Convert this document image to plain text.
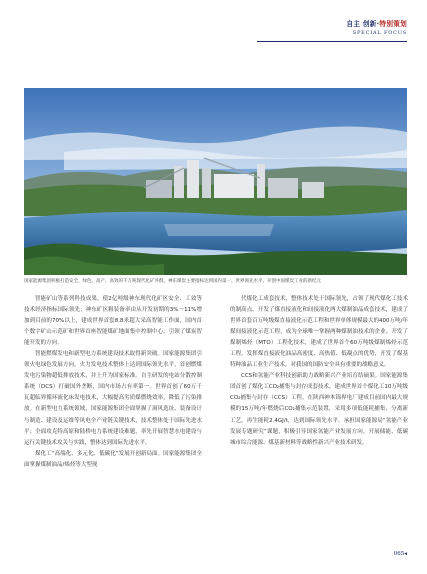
自主 创新·特别策划
SPECIAL FOCUS
国家能源集团积极打造安全、绿色、高产、高效的千万吨现代化矿井群，神东煤炭主要指标达到国内第一、世界领先水平，开创中国煤炭工业的新纪元

智能矿山等系列科技成果，使2亿吨级神东现代化矿区安全、工效等技术经济指标国际领先；神东矿区粗装备率由从开发初期的3%～11%增加到目前的70%以上，建成世界首套8.8米超大采高智能工作面，国内首个数字矿山示范矿和世界首座智能煤矿地面集中控制中心，引领了煤炭智能开发的方向。

智能燃煤发电和新型电力系统建设技术取得新突破。国家能源集团引领火电绿色发展方向，火力发电技术整体上达到国际领先水平，首创燃煤发电污染物超低排放技术，并上升为国家标准。自主研发的电站分散控制系统（DCS）打破国外垄断，国内市场占有率第一。世界首创了60万千瓦超临界循环流化床发电技术，大幅提高劣质煤燃烧效率，降低了污染排放。在新型电力系统领域，国家能源集团全面掌握了洞风选址、装备设计与制造、建设及运维等风电全产业链关键技术，技术整体处于国际先进水平；全面攻克特高原和陆桥电力系统建设难题，率先开展智慧水电建设与运行关键技术攻关与实践，整体达到国际先进水平。

煤化工“高端化、多元化、低碳化”发展开创新局面。国家能源集团全面掌握煤制油品/烯烃等大型现

代煤化工成套技术，整体技术处于国际领先，占领了现代煤化工技术的制高点。开发了煤直接液化和间接液化两大煤制油品成套技术，建成了世界首套百万吨级煤直接液化示范工程和世界单体规模最大的400万吨/年煤间接液化示范工程，成为全球唯一掌握两种煤制油技术的企业。开发了煤制烯烃（MTO）工程化技术，建成了世界首个60万吨级煤制烯烃示范工程。发挥煤直接液化油品高密度、高热值、低凝点的优势，开发了煤基特种油品工业生产技术，对我国的国防安全具有重要的战略意义。

CCS和氢能产业科技创新助力战略新兴产业培育结硕果。国家能源集团首创了煤化工CO₂捕集与封存成套技术，建成世界首个煤化工10万吨级CO₂捕集与封存（CCS）工程。在陕西神木锦界电厂建成目前国内最大规模的15万吨/年燃烧后CO₂捕集示范装置，采用多项低能耗捕集、分离新工艺，再生能耗2.4GJ/t，达到国际领先水平。承担国家能源局“氢能产业发展专题研究”课题，积极引导国家氢能产业发展方向，开展储能、低碳城市综合能源、煤基新材料等战略性新兴产业技术研发。

065◂
